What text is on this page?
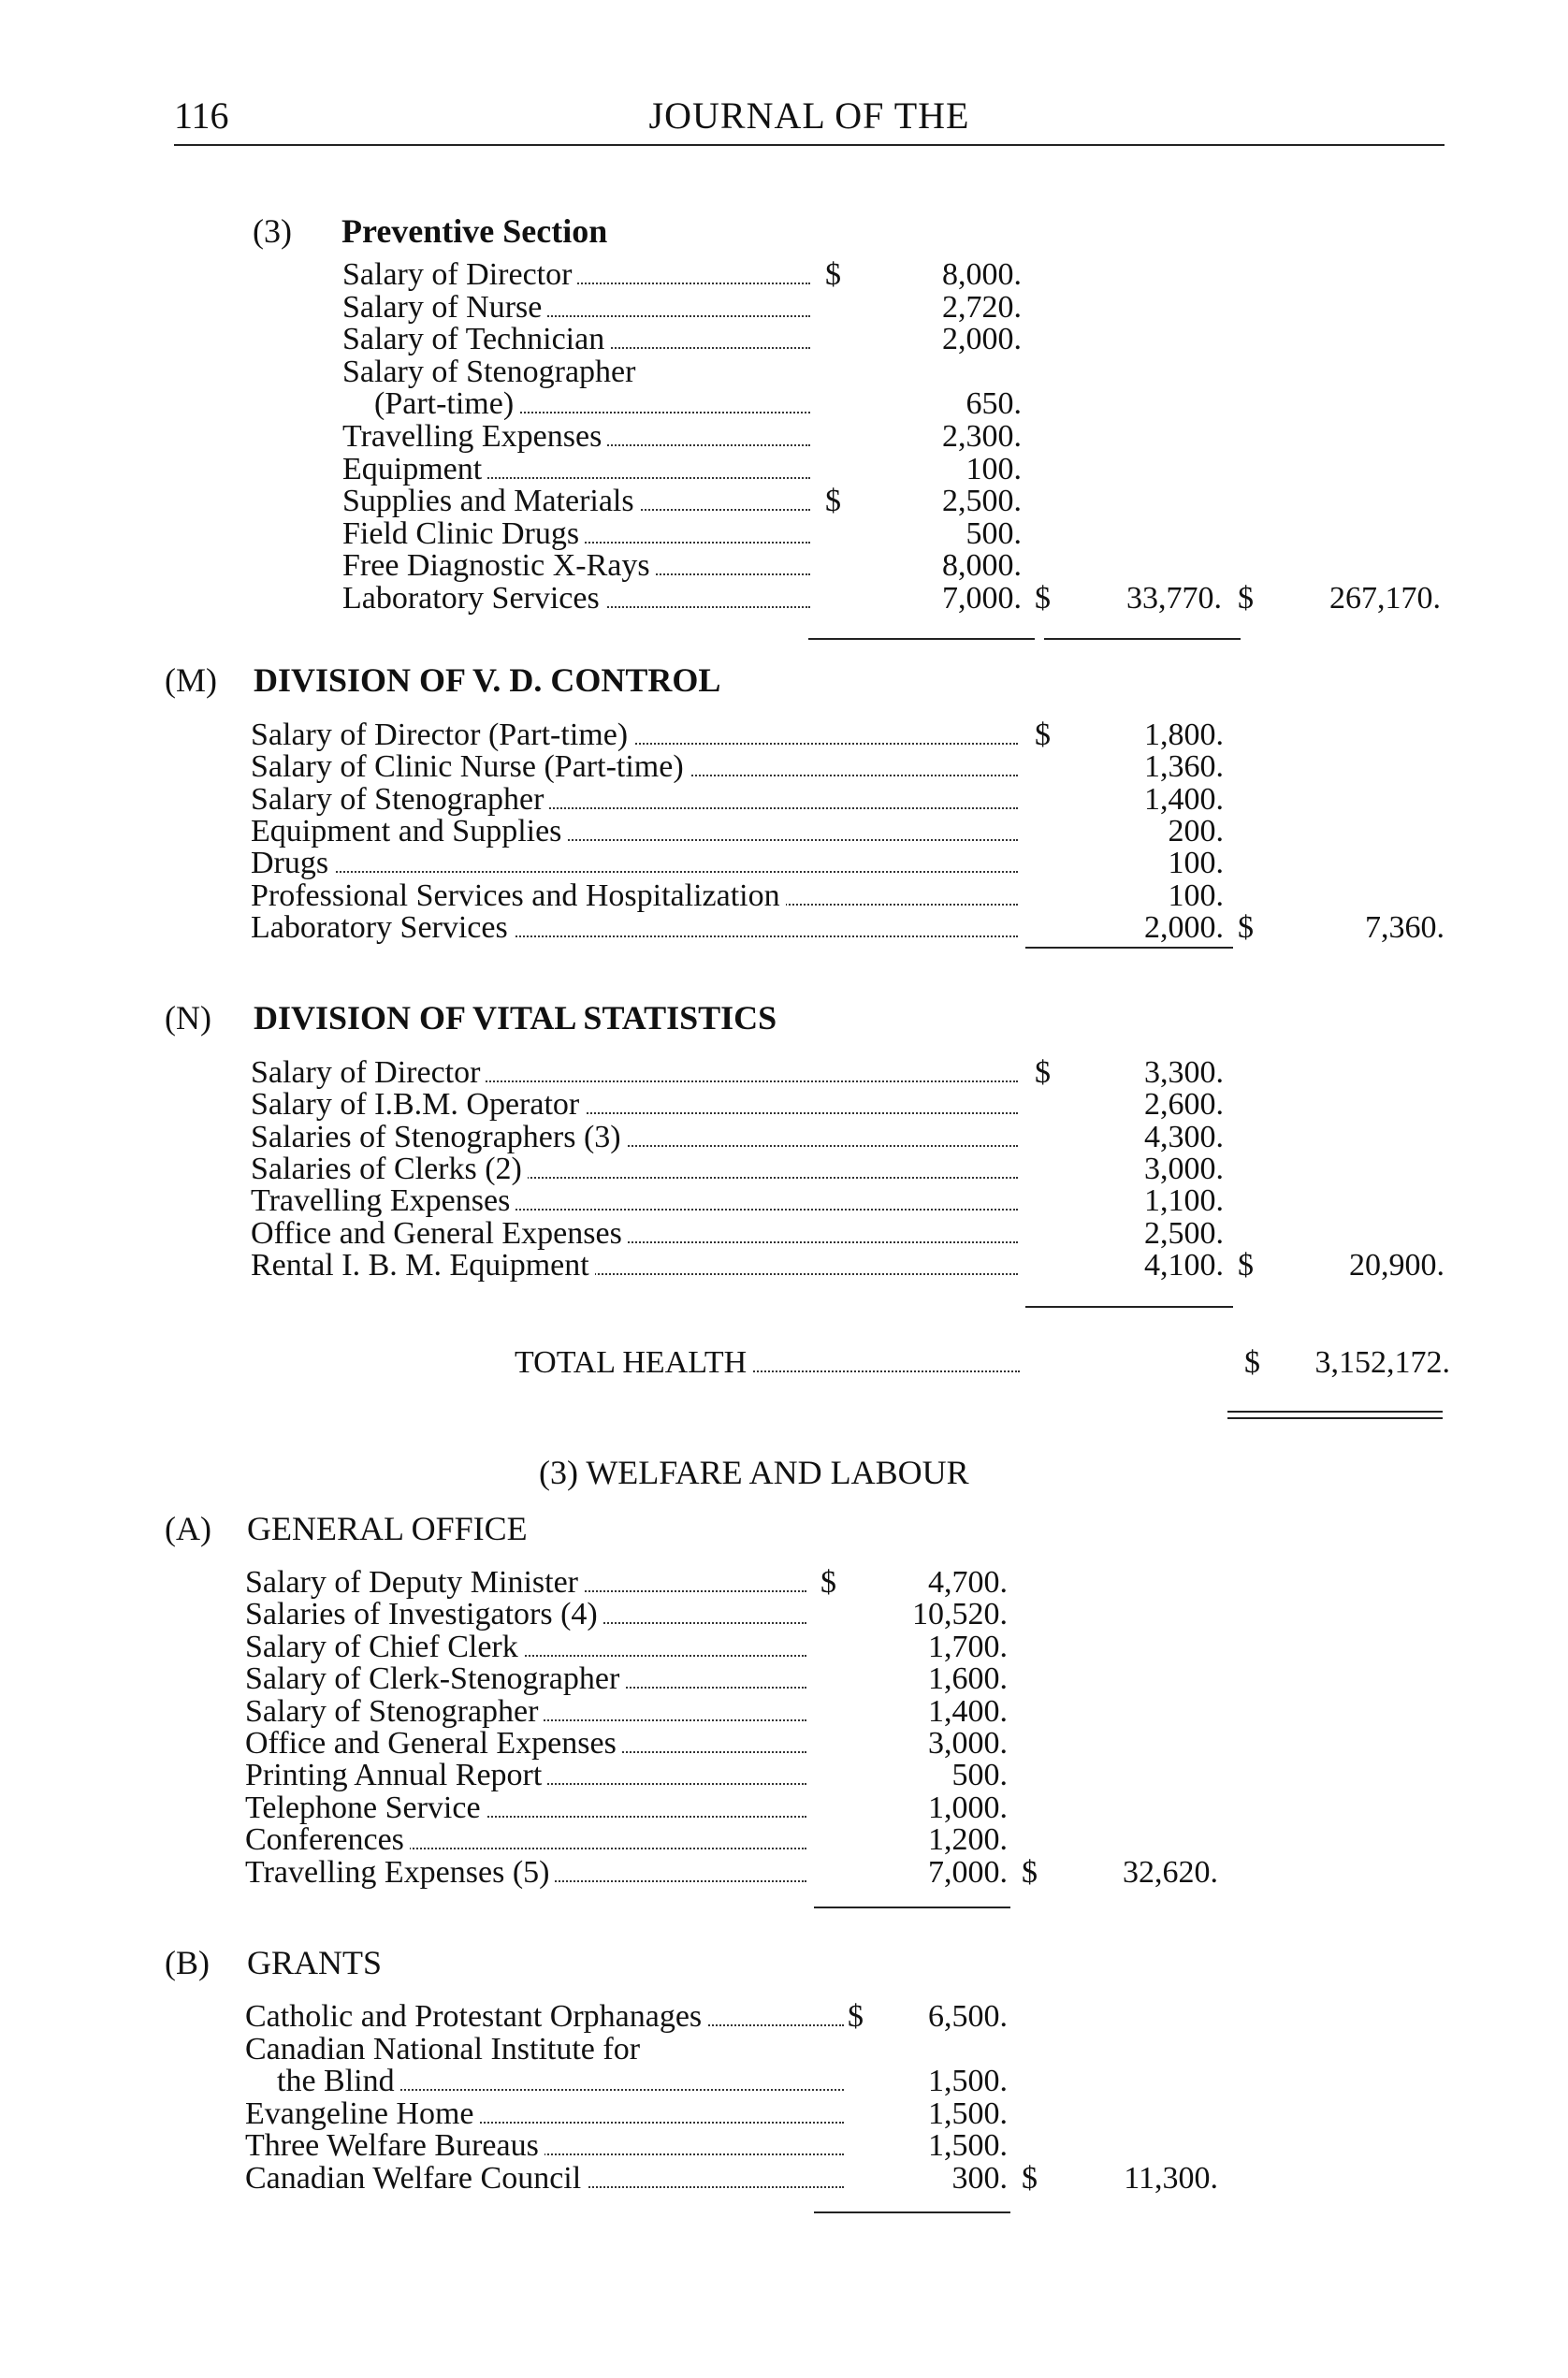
116	JOURNAL OF THE
(3) Preventive Section
Salary of Director	$	8,000.
Salary of Nurse	2,720.
Salary of Technician	2,000.
Salary of Stenographer
(Part-time)	650.
Travelling Expenses	2,300.
Equipment	100.
Supplies and Materials	$	2,500.
Field Clinic Drugs	500.
Free Diagnostic X-Rays	8,000.
Laboratory Services	7,000. $	33,770. $	267,170.
(M) DIVISION OF V. D. CONTROL
Salary of Director (Part-time)	$	1,800.
Salary of Clinic Nurse (Part-time)	1,360.
Salary of Stenographer	1,400.
Equipment and Supplies	200.
Drugs	100.
Professional Services and Hospitalization	100.
Laboratory Services	2,000. $	7,360.
(N) DIVISION OF VITAL STATISTICS
Salary of Director	$	3,300.
Salary of I.B.M. Operator	2,600.
Salaries of Stenographers (3)	4,300.
Salaries of Clerks (2)	3,000.
Travelling Expenses	1,100.
Office and General Expenses	2,500.
Rental I. B. M. Equipment	4,100. $	20,900.
TOTAL HEALTH	$	3,152,172.
(3) WELFARE AND LABOUR
(A) GENERAL OFFICE
Salary of Deputy Minister	$	4,700.
Salaries of Investigators (4)	10,520.
Salary of Chief Clerk	1,700.
Salary of Clerk-Stenographer	1,600.
Salary of Stenographer	1,400.
Office and General Expenses	3,000.
Printing Annual Report	500.
Telephone Service	1,000.
Conferences	1,200.
Travelling Expenses (5)	7,000. $	32,620.
(B) GRANTS
Catholic and Protestant Orphanages	$	6,500.
Canadian National Institute for
the Blind	1,500.
Evangeline Home	1,500.
Three Welfare Bureaus	1,500.
Canadian Welfare Council	300. $	11,300.
